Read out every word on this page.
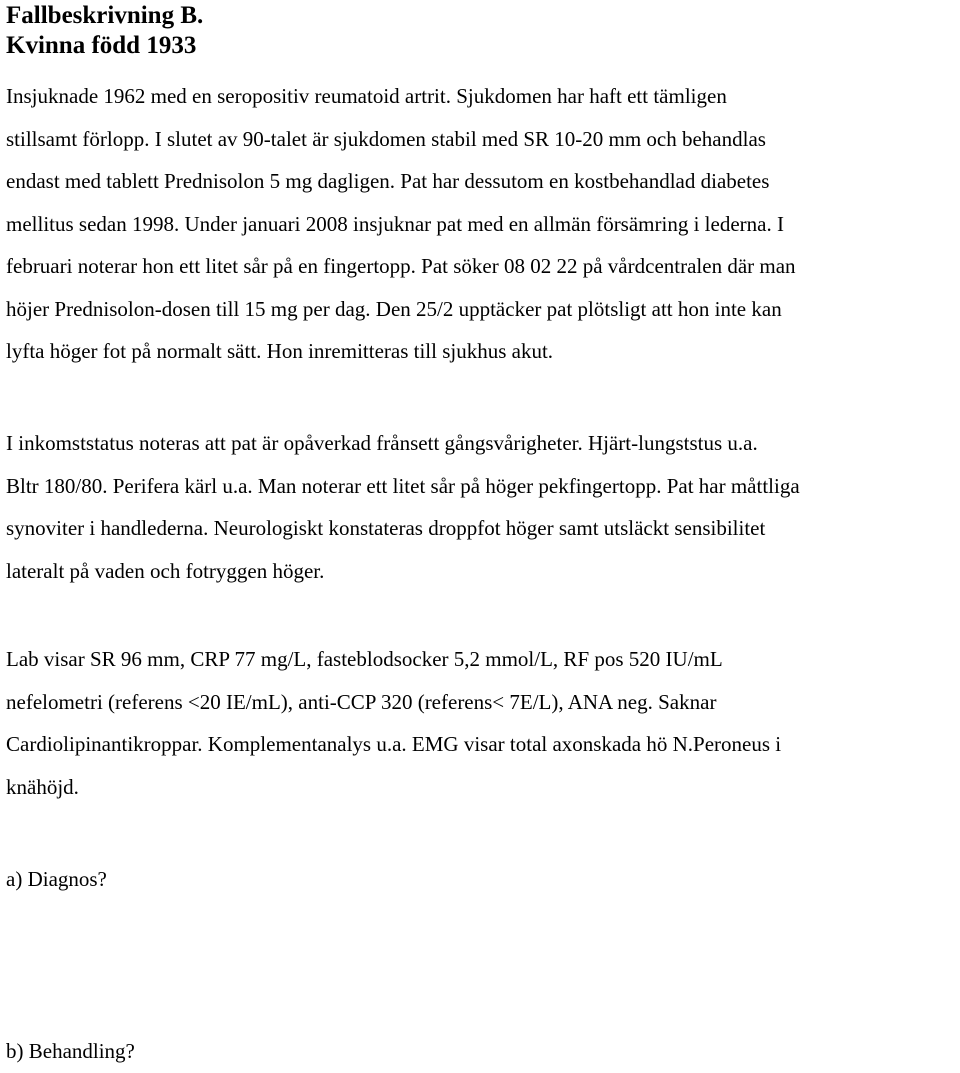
Fallbeskrivning B.
Kvinna född 1933

Insjuknade 1962 med en seropositiv reumatoid artrit. Sjukdomen har haft ett tämligen
stillsamt förlopp. I slutet av 90-talet är sjukdomen stabil med SR 10-20 mm och behandlas
endast med tablett Prednisolon 5 mg dagligen. Pat har dessutom en kostbehandlad diabetes
mellitus sedan 1998. Under januari 2008 insjuknar pat med en allmän försämring i lederna. I
februari noterar hon ett litet sår på en fingertopp. Pat söker 08 02 22 på vårdcentralen där man
höjer Prednisolon-dosen till 15 mg per dag. Den 25/2 upptäcker pat plötsligt att hon inte kan
lyfta höger fot på normalt sätt. Hon inremitteras till sjukhus akut.

I inkomststatus noteras att pat är opåverkad frånsett gångsvårigheter. Hjärt-lungststus u.a.
Bltr 180/80. Perifera kärl u.a. Man noterar ett litet sår på höger pekfingertopp. Pat har måttliga
synoviter i handlederna. Neurologiskt konstateras droppfot höger samt utsläckt sensibilitet
lateralt på vaden och fotryggen höger.

Lab visar SR 96 mm, CRP 77 mg/L, fasteblodsocker 5,2 mmol/L, RF pos 520 IU/mL
nefelometri (referens <20 IE/mL), anti-CCP 320 (referens< 7E/L), ANA neg. Saknar
Cardiolipinantikroppar. Komplementanalys u.a. EMG visar total axonskada hö N.Peroneus i
knähöjd.

a) Diagnos?

b) Behandling?
